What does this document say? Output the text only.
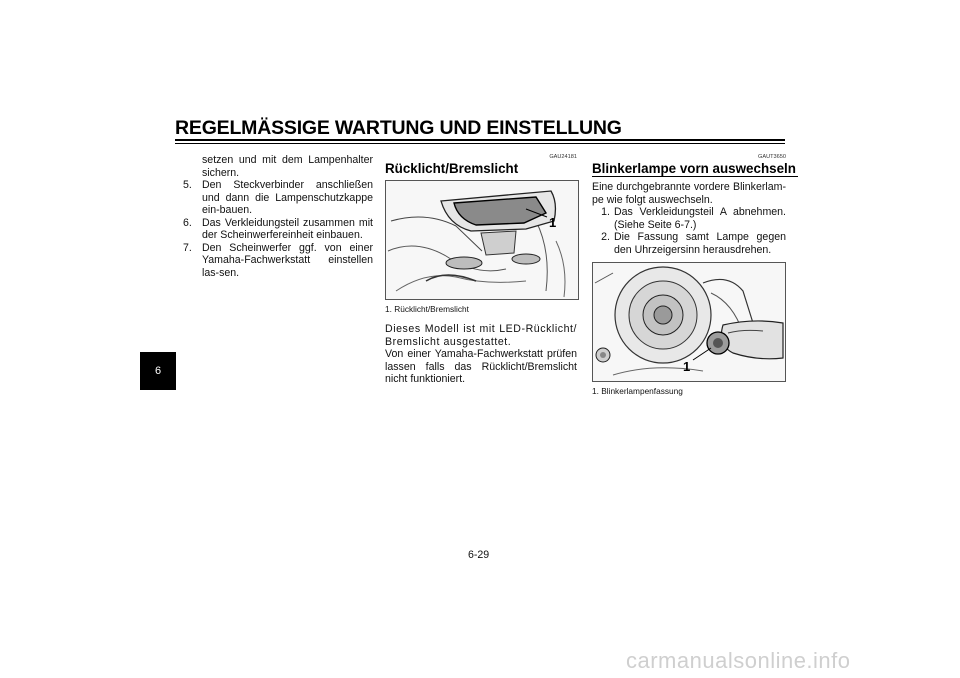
REGELMÄSSIGE WARTUNG UND EINSTELLUNG
6

setzen und mit dem Lampenhalter sichern.

5. Den Steckverbinder anschließen und dann die Lampenschutzkappe ein-bauen.
6. Das Verkleidungsteil zusammen mit der Scheinwerfereinheit einbauen.
7. Den Scheinwerfer ggf. von einer Yamaha-Fachwerkstatt einstellen las-sen.
GAU24181
Rücklicht/Bremslicht
1
1. Rücklicht/Bremslicht

Dieses Modell ist mit LED-Rücklicht/ Bremslicht ausgestattet.

Von einer Yamaha-Fachwerkstatt prüfen lassen falls das Rücklicht/Bremslicht nicht funktioniert.

GAUT3650
Blinkerlampe vorn auswechseln

Eine durchgebrannte vordere Blinkerlam-pe wie folgt auswechseln.

1. Das Verkleidungsteil A abnehmen. (Siehe Seite 6-7.)
2. Die Fassung samt Lampe gegen den Uhrzeigersinn herausdrehen.
1
1. Blinkerlampenfassung
6-29
carmanualsonline.info
